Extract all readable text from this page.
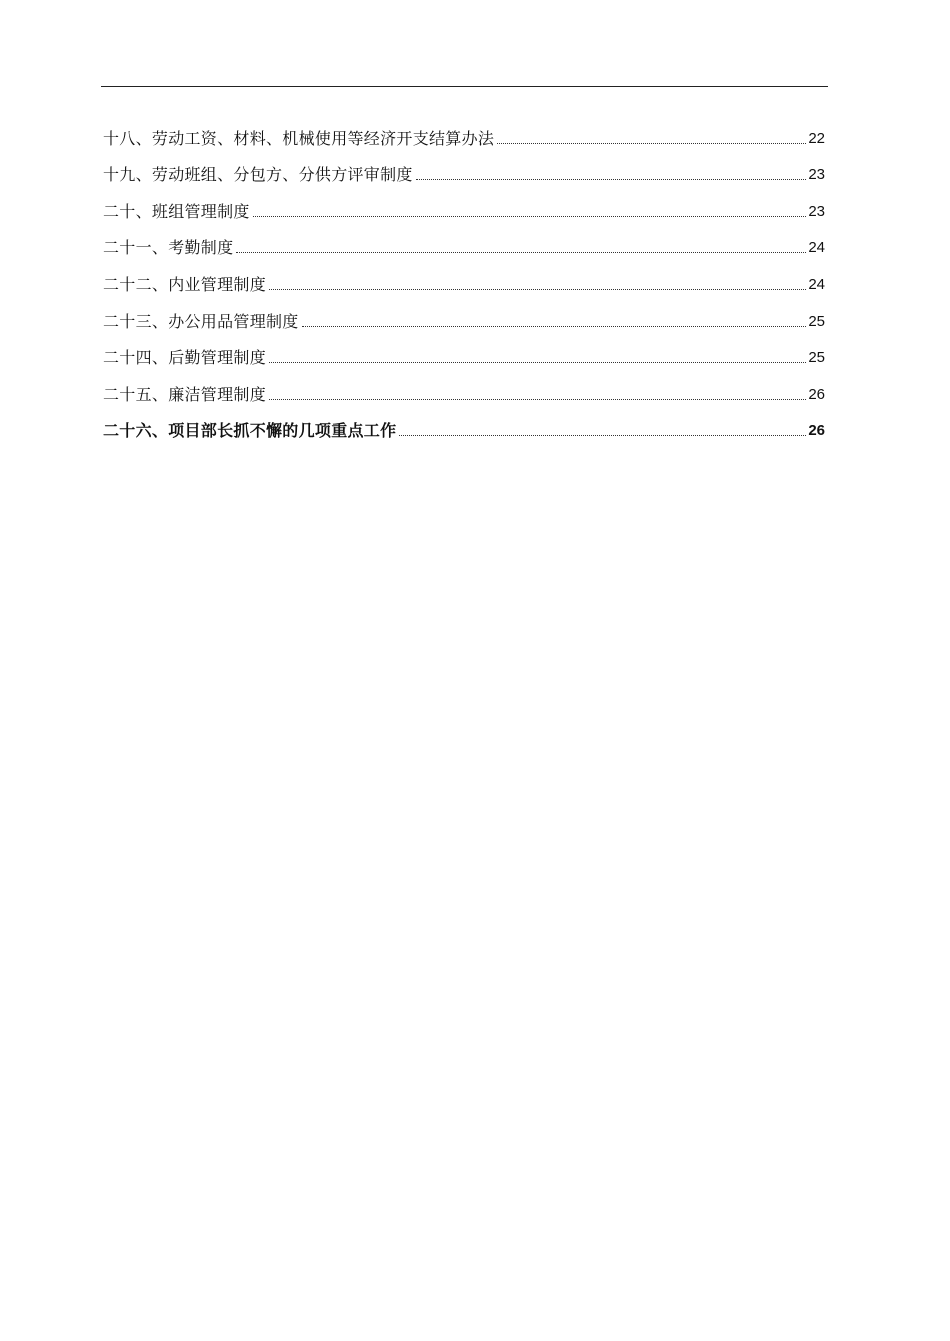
十八、劳动工资、材料、机械使用等经济开支结算办法	22
十九、劳动班组、分包方、分供方评审制度	23
二十、班组管理制度	23
二十一、考勤制度	24
二十二、内业管理制度	24
二十三、办公用品管理制度	25
二十四、后勤管理制度	25
二十五、廉洁管理制度	26
二十六、项目部长抓不懈的几项重点工作	26
